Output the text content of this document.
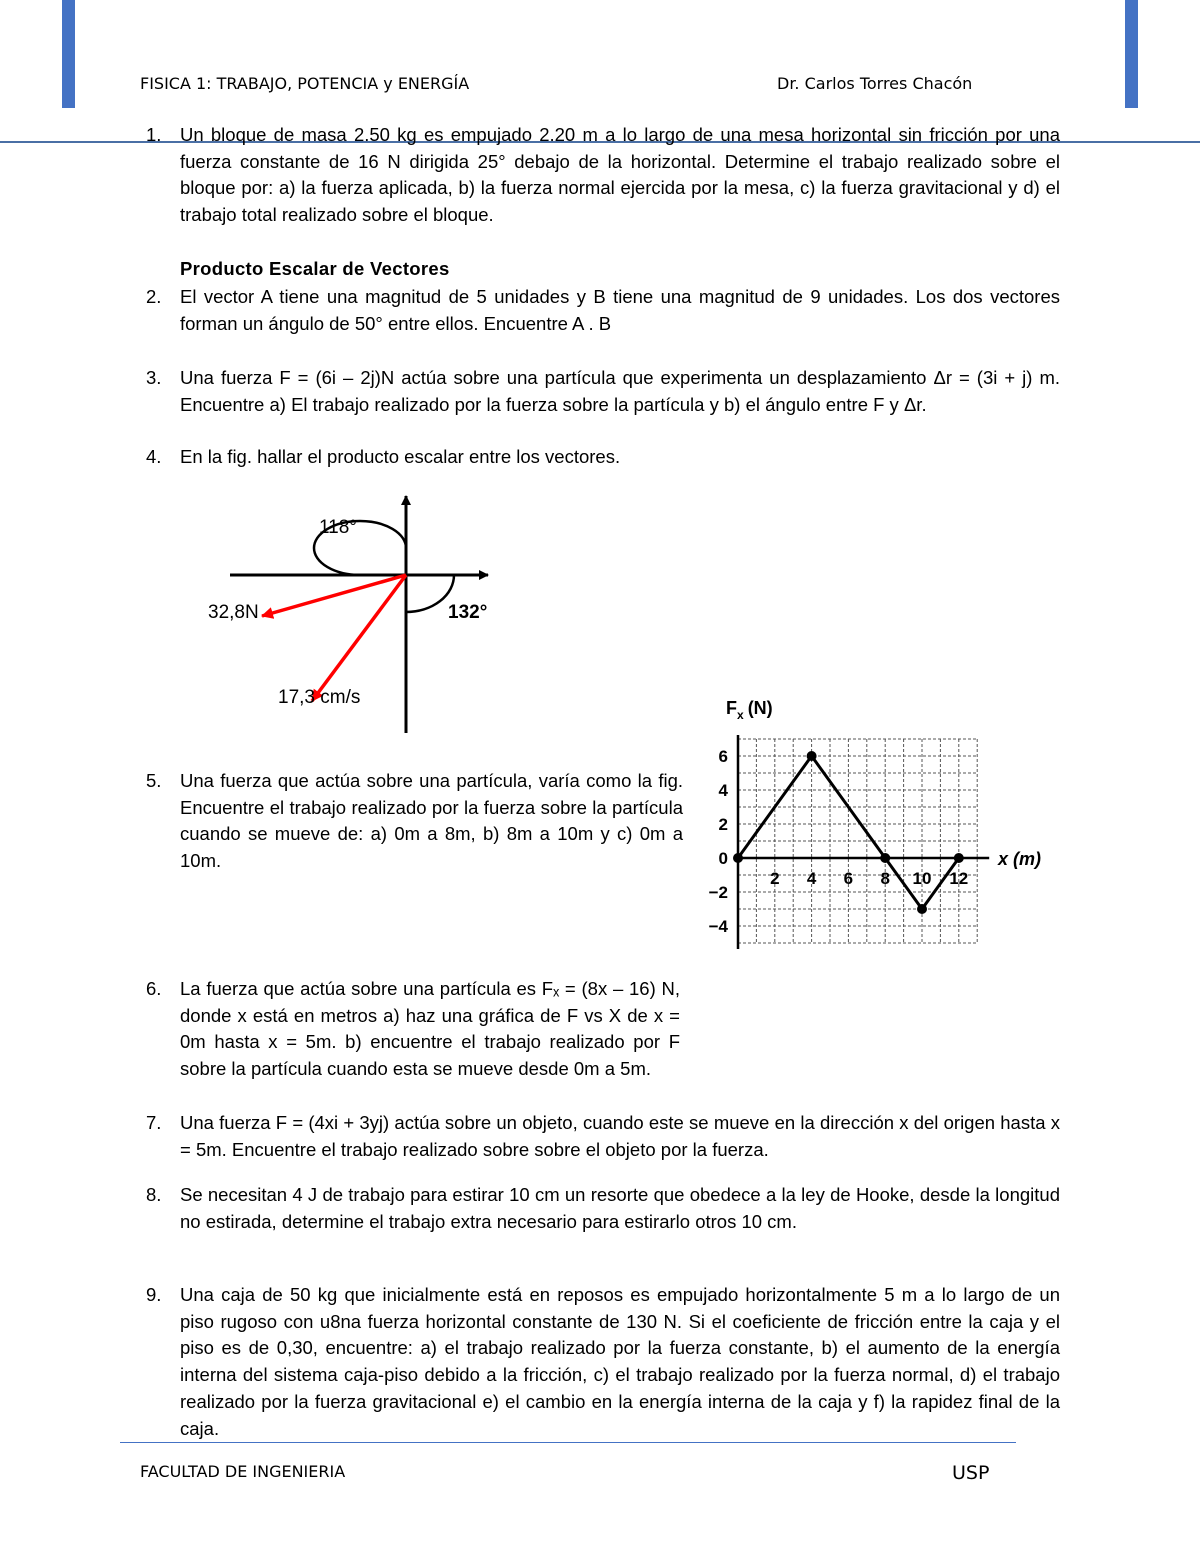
FISICA 1: TRABAJO, POTENCIA y ENERGÍA	Dr. Carlos Torres Chacón
1.	Un bloque de masa 2.50 kg es empujado 2.20 m a lo largo de una mesa horizontal sin fricción por una fuerza constante de 16 N dirigida 25° debajo de la horizontal. Determine el trabajo realizado sobre el bloque por: a) la fuerza aplicada, b) la fuerza normal ejercida por la mesa, c) la fuerza gravitacional y d) el trabajo total realizado sobre el bloque.
Producto Escalar de Vectores
2.	El vector A tiene una magnitud de 5 unidades y B tiene una magnitud de 9 unidades. Los dos vectores forman un ángulo de 50° entre ellos. Encuentre A . B
3.	Una fuerza F = (6i – 2j)N actúa sobre una partícula que experimenta un desplazamiento Δr = (3i + j) m. Encuentre a) El trabajo realizado por la fuerza sobre la partícula y b) el ángulo entre F y Δr.
4.	En la fig. hallar el producto escalar entre los vectores.
118°
132°
32,8N
17,3 cm/s
5.	Una fuerza que actúa sobre una partícula, varía como la fig. Encuentre el trabajo realizado por la fuerza sobre la partícula cuando se mueve de: a) 0m a 8m, b) 8m a 10m y c) 0m a 10m.
6
4
2
0
−2
−4
2 4 6 8 10 12
$F_x$ (N)
x (m)
6.	La fuerza que actúa sobre una partícula es Fₓ = (8x – 16) N, donde x está en metros a) haz una gráfica de F vs X de x = 0m hasta x = 5m. b) encuentre el trabajo realizado por F sobre la partícula cuando esta se mueve desde 0m a 5m.
7.	Una fuerza F = (4xi + 3yj) actúa sobre un objeto, cuando este se mueve en la dirección x del origen hasta x = 5m. Encuentre el trabajo realizado sobre sobre el objeto por la fuerza.
8.	Se necesitan 4 J de trabajo para estirar 10 cm un resorte que obedece a la ley de Hooke, desde la longitud no estirada, determine el trabajo extra necesario para estirarlo otros 10 cm.
9.	Una caja de 50 kg que inicialmente está en reposos es empujado horizontalmente 5 m a lo largo de un piso rugoso con u8na fuerza horizontal constante de 130 N. Si el coeficiente de fricción entre la caja y el piso es de 0,30, encuentre: a) el trabajo realizado por la fuerza constante, b) el aumento de la energía interna del sistema caja-piso debido a la fricción, c) el trabajo realizado por la fuerza normal, d) el trabajo realizado por la fuerza gravitacional e) el cambio en la energía interna de la caja y f) la rapidez final de la caja.
FACULTAD DE INGENIERIA	USP
